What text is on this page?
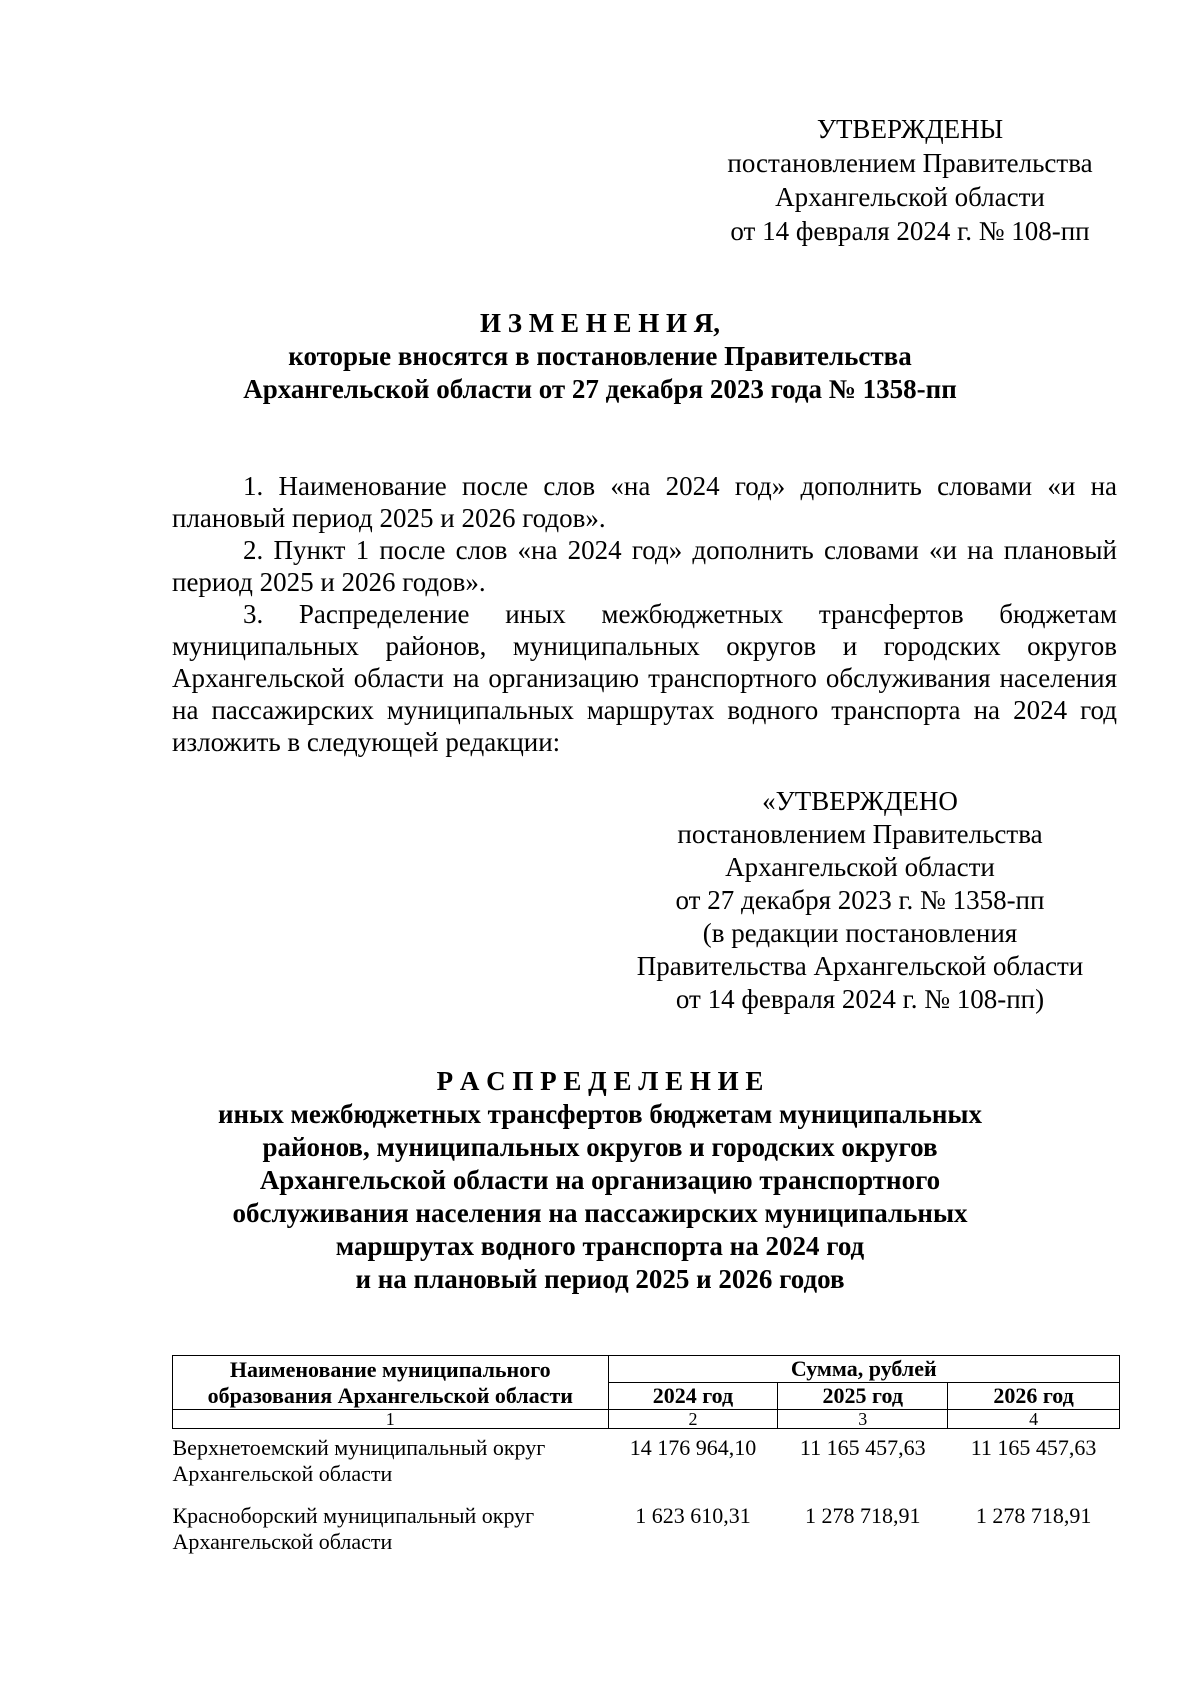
УТВЕРЖДЕНЫ
постановлением Правительства
Архангельской области
от 14 февраля 2024 г. № 108-пп
И З М Е Н Е Н И Я,
которые вносятся в постановление Правительства
Архангельской области от 27 декабря 2023 года № 1358-пп

1. Наименование после слов «на 2024 год» дополнить словами «и на плановый период 2025 и 2026 годов».

2. Пункт 1 после слов «на 2024 год» дополнить словами «и на плановый период 2025 и 2026 годов».

3. Распределение иных межбюджетных трансфертов бюджетам муниципальных районов, муниципальных округов и городских округов Архангельской области на организацию транспортного обслуживания населения на пассажирских муниципальных маршрутах водного транспорта на 2024 год изложить в следующей редакции:

«УТВЕРЖДЕНО
постановлением Правительства
Архангельской области
от 27 декабря 2023 г. № 1358-пп
(в редакции постановления
Правительства Архангельской области
от 14 февраля 2024 г. № 108-пп)
Р А С П Р Е Д Е Л Е Н И Е
иных межбюджетных трансфертов бюджетам муниципальных
районов, муниципальных округов и городских округов
Архангельской области на организацию транспортного
обслуживания населения на пассажирских муниципальных
маршрутах водного транспорта на 2024 год
и на плановый период 2025 и 2026 годов
Наименование муниципального
образования Архангельской области	Сумма, рублей		
	2024 год	2025 год	2026 год
1	2	3	4

Верхнетоемский муниципальный округ
Архангельской области	14 176 964,10	11 165 457,63	11 165 457,63

Красноборский муниципальный округ
Архангельской области	1 623 610,31	1 278 718,91	1 278 718,91
